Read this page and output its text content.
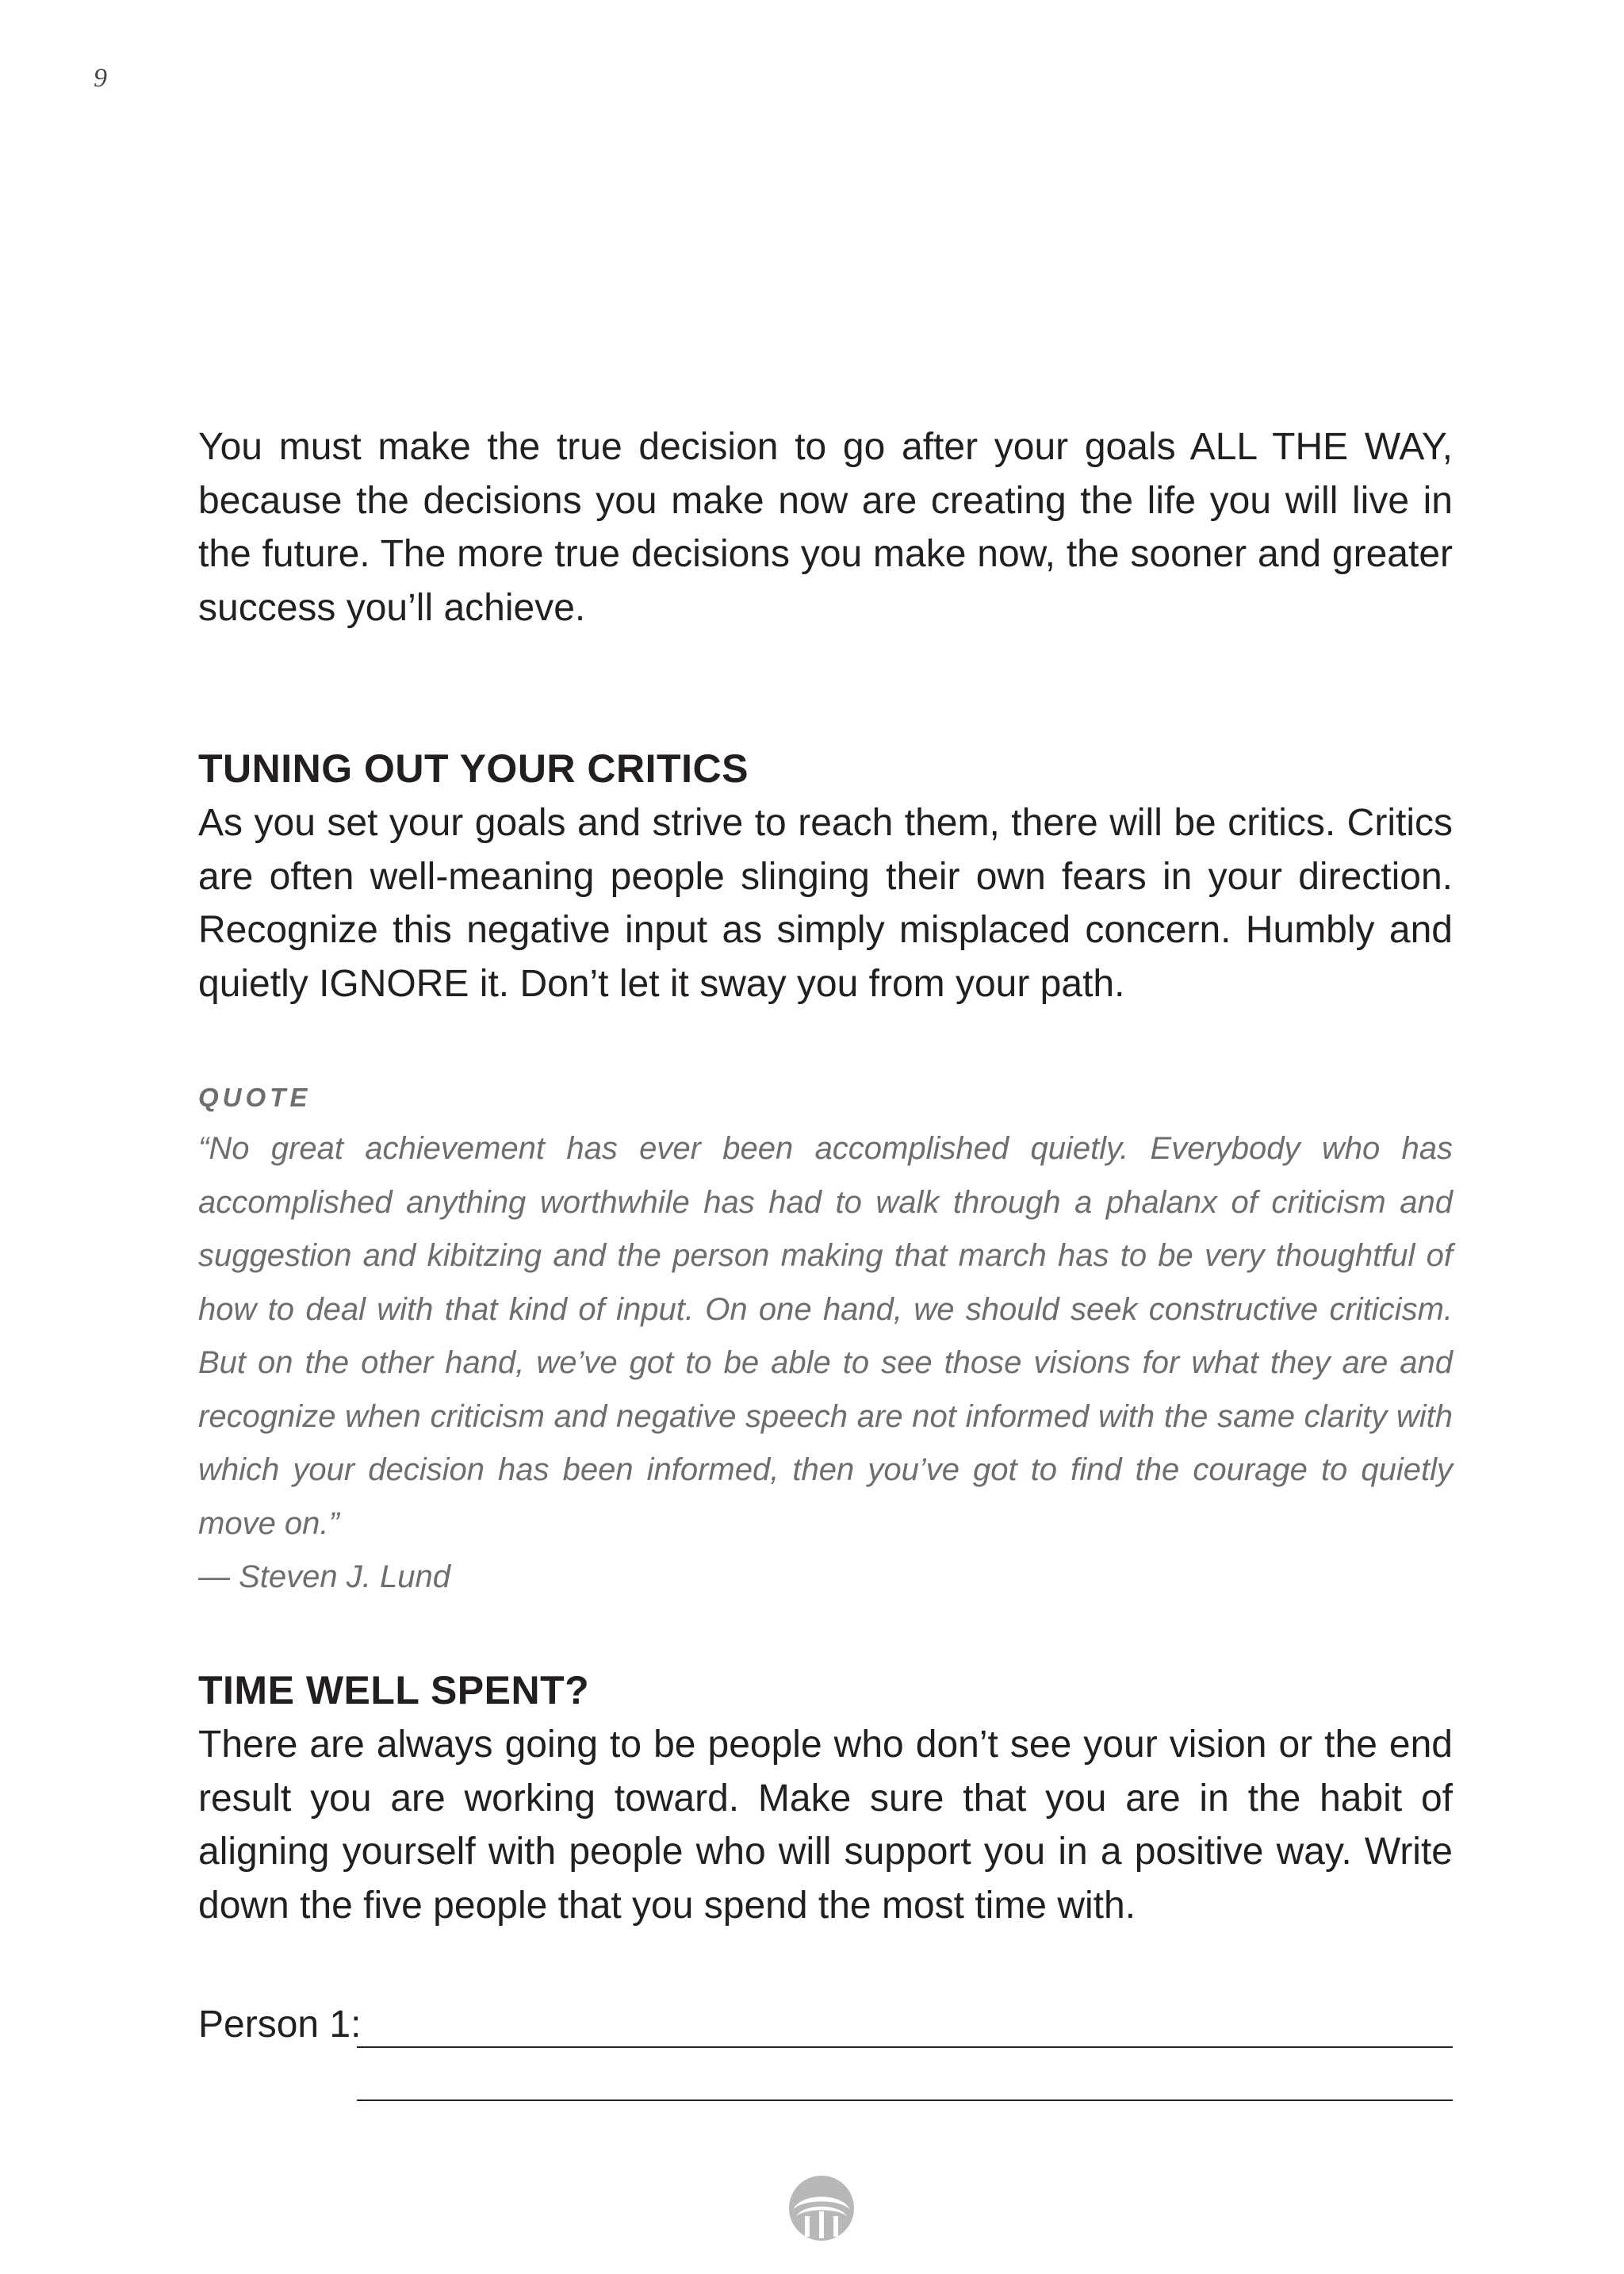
9

You must make the true decision to go after your goals ALL THE WAY, because the decisions you make now are creating the life you will live in the future. The more true decisions you make now, the sooner and greater success you’ll achieve.

TUNING OUT YOUR CRITICS

As you set your goals and strive to reach them, there will be critics. Critics are often well-meaning people slinging their own fears in your direction. Recognize this negative input as simply misplaced concern. Humbly and quietly IGNORE it. Don’t let it sway you from your path.

QUOTE

“No great achievement has ever been accomplished quietly. Everybody who has accomplished anything worthwhile has had to walk through a phalanx of criticism and suggestion and kibitzing and the person making that march has to be very thoughtful of how to deal with that kind of input. On one hand, we should seek constructive criticism. But on the other hand, we’ve got to be able to see those visions for what they are and recognize when criticism and negative speech are not informed with the same clarity with which your decision has been informed, then you’ve got to find the courage to quietly move on.”

— Steven J. Lund

TIME WELL SPENT?

There are always going to be people who don’t see your vision or the end result you are working toward. Make sure that you are in the habit of aligning yourself with people who will support you in a positive way. Write down the five people that you spend the most time with.

Person 1:
